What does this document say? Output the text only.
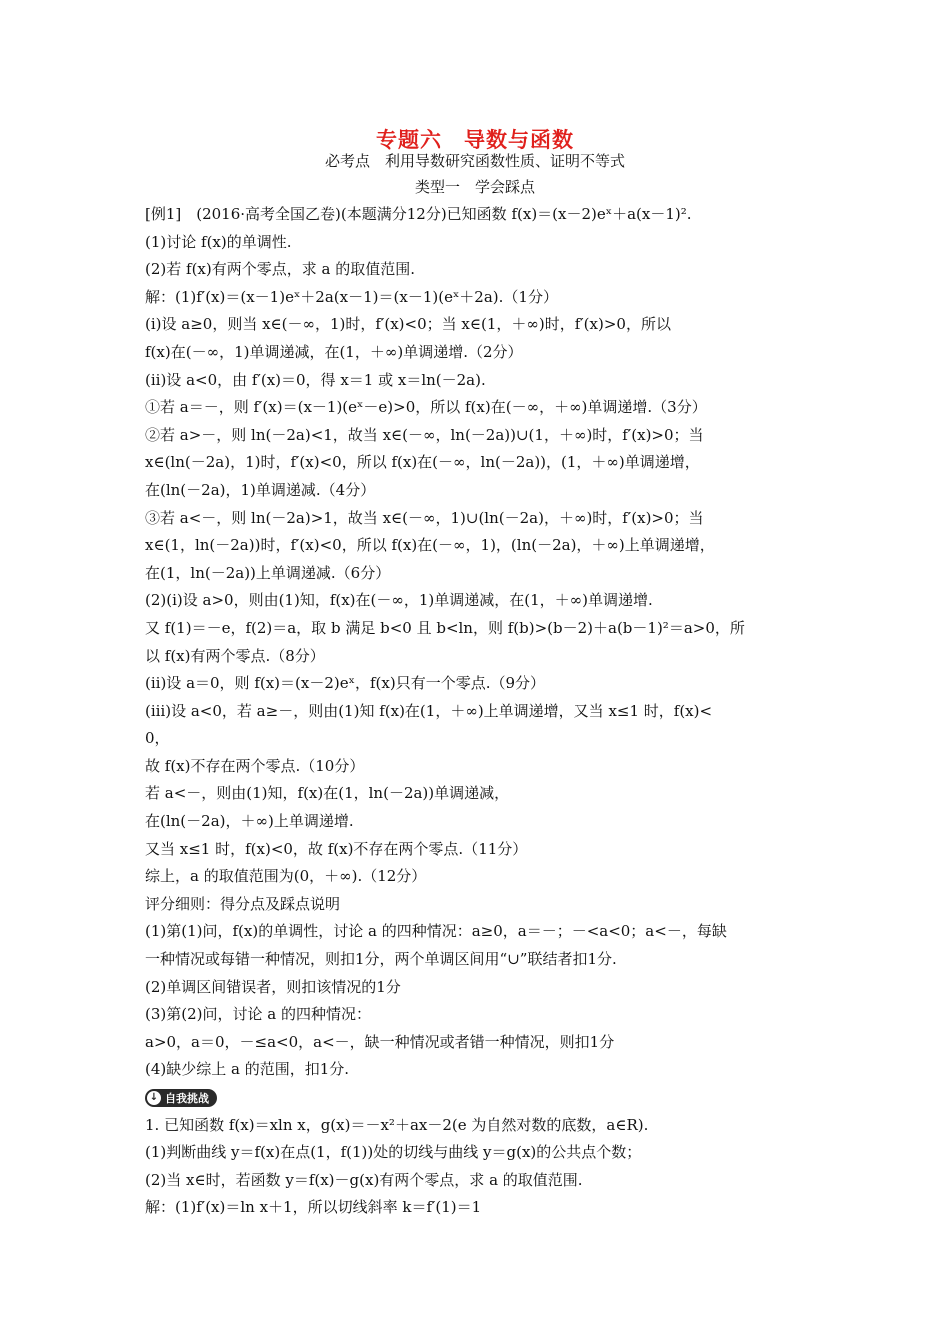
专题六　导数与函数
必考点　利用导数研究函数性质、证明不等式
类型一　学会踩点
[例1]　(2016·高考全国乙卷)(本题满分12分)已知函数 f(x)＝(x－2)eˣ＋a(x－1)².
(1)讨论 f(x)的单调性.
(2)若 f(x)有两个零点，求 a 的取值范围.
解：(1)f′(x)＝(x－1)eˣ＋2a(x－1)＝(x－1)(eˣ＋2a).（1分）
(ⅰ)设 a≥0，则当 x∈(－∞，1)时，f′(x)<0；当 x∈(1，＋∞)时，f′(x)>0，所以
f(x)在(－∞，1)单调递减，在(1，＋∞)单调递增.（2分）
(ⅱ)设 a<0，由 f′(x)＝0，得 x＝1 或 x＝ln(－2a).
①若 a＝－，则 f′(x)＝(x－1)(eˣ－e)>0，所以 f(x)在(－∞，＋∞)单调递增.（3分）
②若 a>－，则 ln(－2a)<1，故当 x∈(－∞，ln(－2a))∪(1，＋∞)时，f′(x)>0；当
x∈(ln(－2a)，1)时，f′(x)<0，所以 f(x)在(－∞，ln(－2a))，(1，＋∞)单调递增，
在(ln(－2a)，1)单调递减.（4分）
③若 a<－，则 ln(－2a)>1，故当 x∈(－∞，1)∪(ln(－2a)，＋∞)时，f′(x)>0；当
x∈(1，ln(－2a))时，f′(x)<0，所以 f(x)在(－∞，1)，(ln(－2a)，＋∞)上单调递增，
在(1，ln(－2a))上单调递减.（6分）
(2)(ⅰ)设 a>0，则由(1)知，f(x)在(－∞，1)单调递减，在(1，＋∞)单调递增.
又 f(1)＝－e，f(2)＝a，取 b 满足 b<0 且 b<ln，则 f(b)>(b－2)＋a(b－1)²＝a>0，所
以 f(x)有两个零点.（8分）
(ⅱ)设 a＝0，则 f(x)＝(x－2)eˣ，f(x)只有一个零点.（9分）
(ⅲ)设 a<0，若 a≥－，则由(1)知 f(x)在(1，＋∞)上单调递增，又当 x≤1 时，f(x)<
0，
故 f(x)不存在两个零点.（10分）
若 a<－，则由(1)知，f(x)在(1，ln(－2a))单调递减，
在(ln(－2a)，＋∞)上单调递增.
又当 x≤1 时，f(x)<0，故 f(x)不存在两个零点.（11分）
综上，a 的取值范围为(0，＋∞).（12分）
评分细则：得分点及踩点说明
(1)第(1)问，f(x)的单调性，讨论 a 的四种情况：a≥0，a＝－；－<a<0；a<－，每缺
一种情况或每错一种情况，则扣1分，两个单调区间用“∪”联结者扣1分.
(2)单调区间错误者，则扣该情况的1分
(3)第(2)问，讨论 a 的四种情况：
a>0，a＝0，－≤a<0，a<－，缺一种情况或者错一种情况，则扣1分
(4)缺少综上 a 的范围，扣1分.
↓ 自我挑战
1. 已知函数 f(x)＝xln x，g(x)＝－x²＋ax－2(e 为自然对数的底数，a∈R).
(1)判断曲线 y＝f(x)在点(1，f(1))处的切线与曲线 y＝g(x)的公共点个数；
(2)当 x∈时，若函数 y＝f(x)－g(x)有两个零点，求 a 的取值范围.
解：(1)f′(x)＝ln x＋1，所以切线斜率 k＝f′(1)＝1
